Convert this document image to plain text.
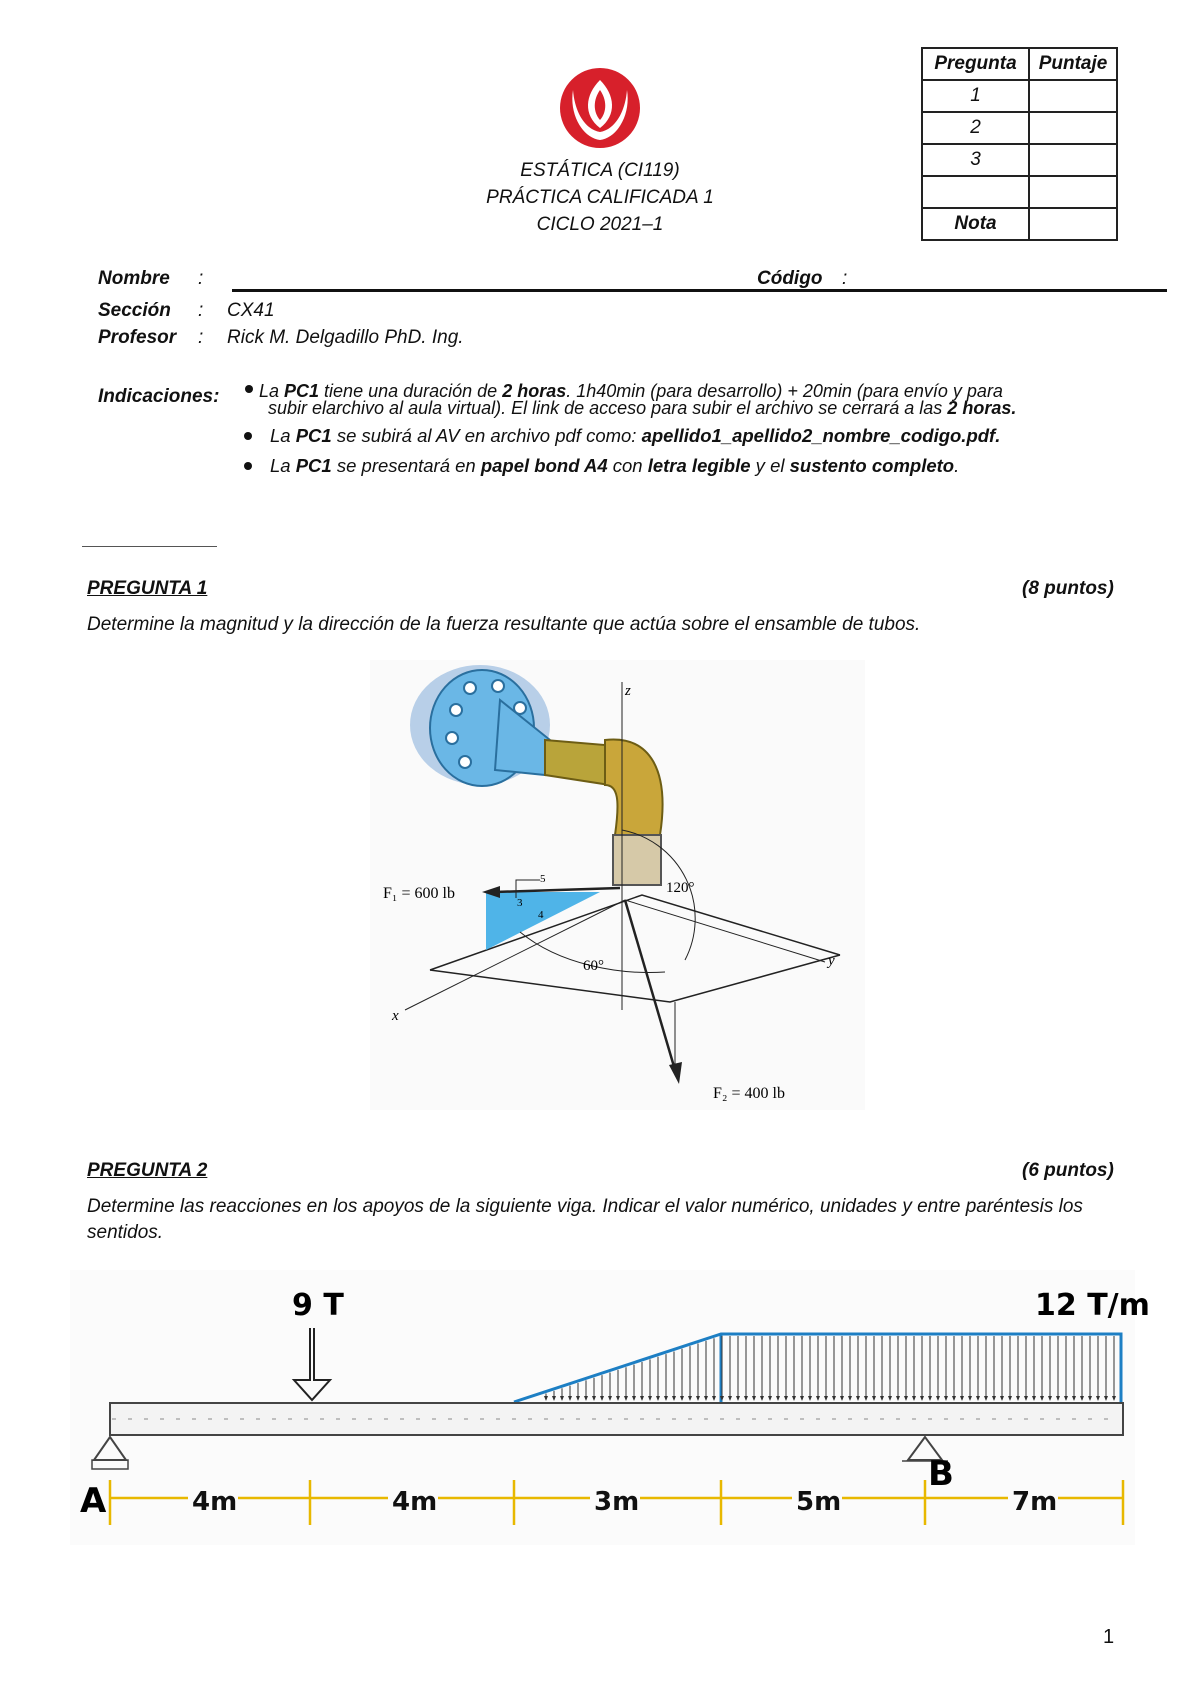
ESTÁTICA (CI119)
PRÁCTICA CALIFICADA 1
CICLO 2021–1
Pregunta	Puntaje
1	
2	
3	

Nota	
Nombre :	Código :
Sección : CX41
Profesor : Rick M. Delgadillo PhD. Ing.
Indicaciones: La PC1 tiene una duración de 2 horas. 1h40min (para desarrollo) + 20min (para envío y para
subir elarchivo al aula virtual). El link de acceso para subir el archivo se cerrará a las 2 horas.
La PC1 se subirá al AV en archivo pdf como: apellido1_apellido2_nombre_codigo.pdf.
La PC1 se presentará en papel bond A4 con letra legible y el sustento completo.
PREGUNTA 1	(8 puntos)
Determine la magnitud y la dirección de la fuerza resultante que actúa sobre el ensamble de tubos.
z
y
x
F₁ = 600 lb
5
3
4
F₂ = 400 lb
120°
60°
PREGUNTA 2	(6 puntos)
Determine las reacciones en los apoyos de la siguiente viga. Indicar el valor numérico, unidades y entre paréntesis los
sentidos.
9 T	12 T/m
4m	4m	3m	5m	7m
A
B
1
